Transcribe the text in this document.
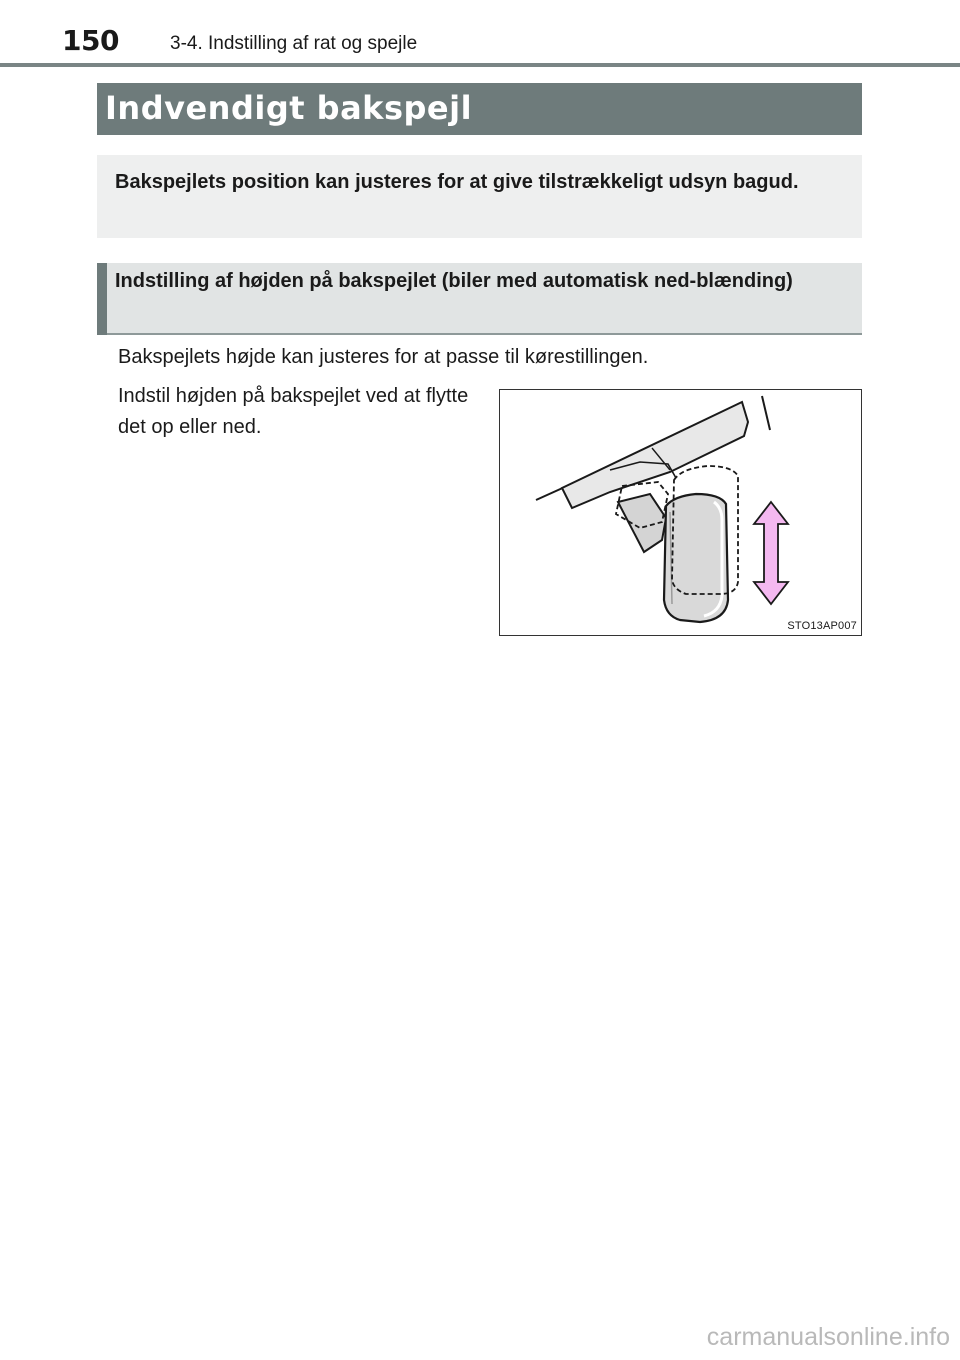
150	3-4. Indstilling af rat og spejle
Indvendigt bakspejl
Bakspejlets position kan justeres for at give tilstrækkeligt udsyn bagud.
Indstilling af højden på bakspejlet (biler med automatisk ned-blænding)
Bakspejlets højde kan justeres for at passe til kørestillingen.
Indstil højden på bakspejlet ved at flytte det op eller ned.
STO13AP007
carmanualsonline.info
